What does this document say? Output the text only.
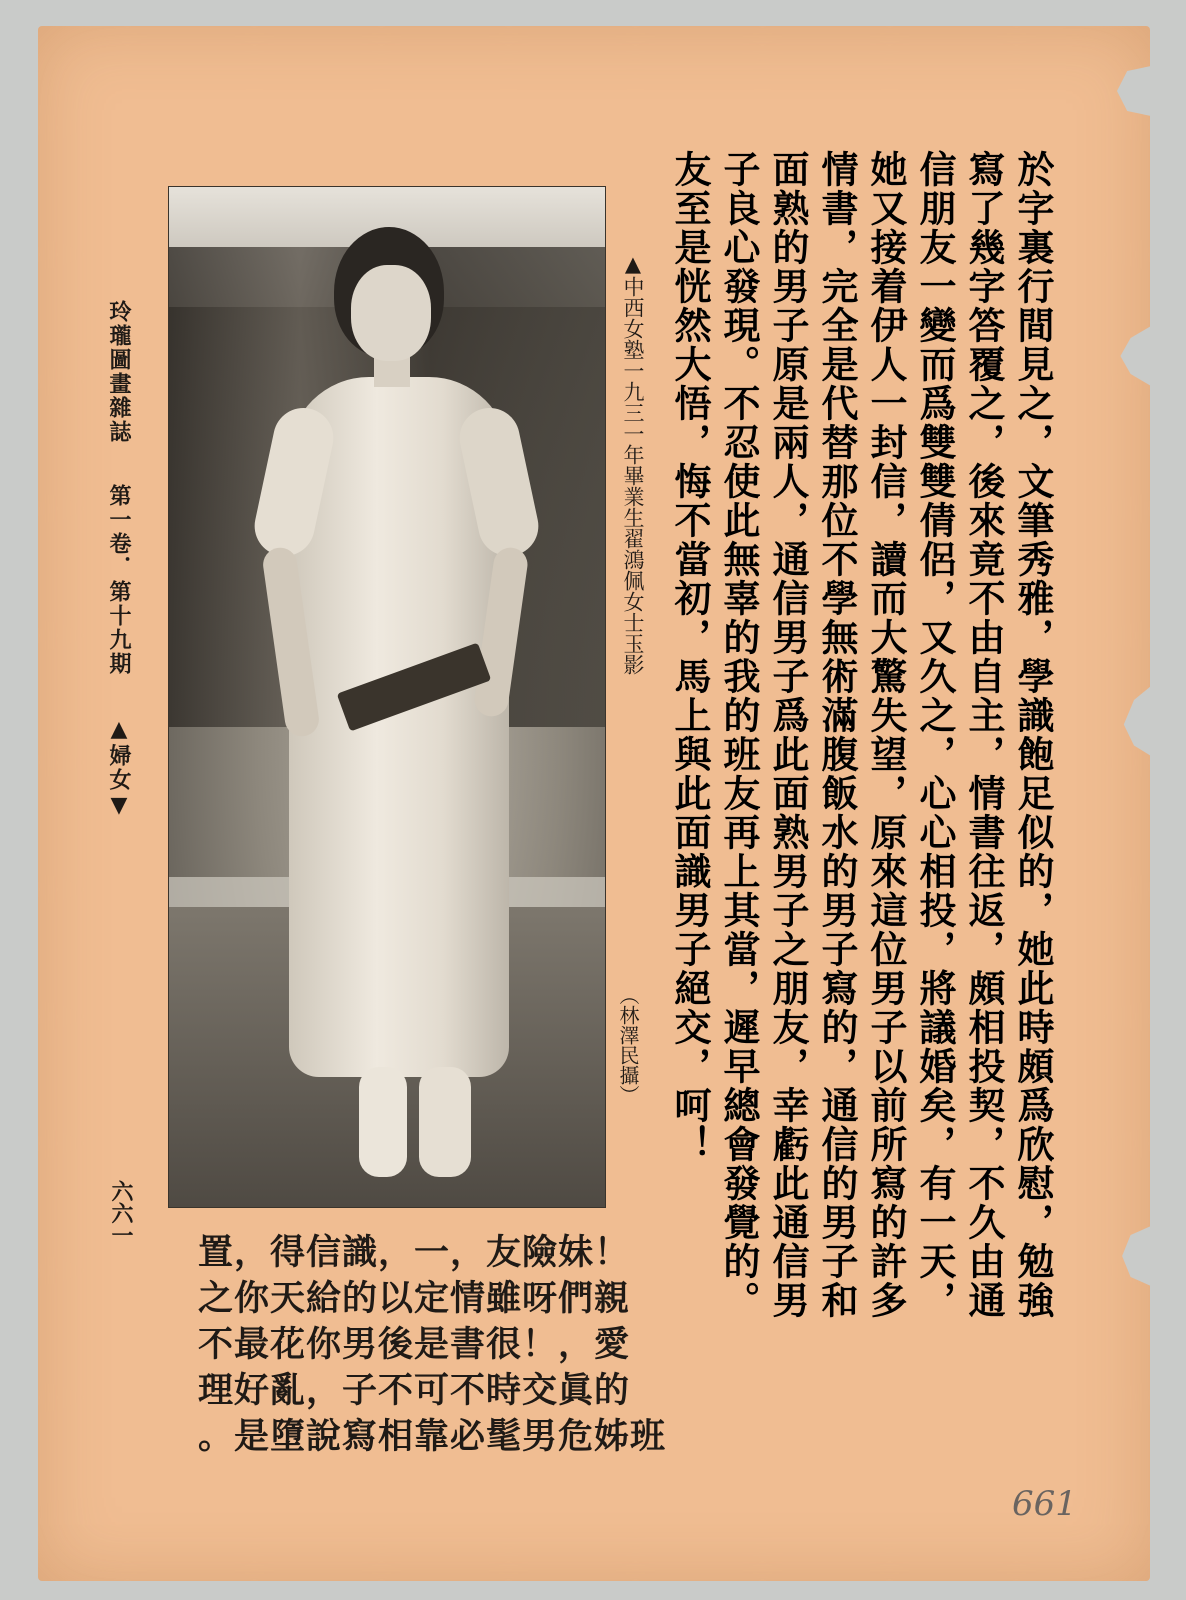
玲瓏圖畫雜誌
第一卷．第十九期
▲婦女▼
六六一
▲中西女塾一九三一年畢業生翟鴻佩女士玉影
（林澤民攝）	於字裏行間見之，文筆秀雅，學識飽足似的，她此時頗爲欣慰，勉強
寫了幾字答覆之，後來竟不由自主，情書往返，頗相投契，不久由通
信朋友一變而爲雙雙倩侶，又久之，心心相投，將議婚矣，有一天，
她又接着伊人一封信，讀而大驚失望，原來這位男子以前所寫的許多
情書，完全是代替那位不學無術滿腹飯水的男子寫的，通信的男子和
面熟的男子原是兩人，通信男子爲此面熟男子之朋友，幸虧此通信男
子良心發現。不忍使此無辜的我的班友再上其當，遲早總會發覺的。
友至是恍然大悟，悔不當初，馬上與此面識男子絕交，呵！
置，得信識，一，友險妹！
之你天給的以定情雖呀們親
不最花你男後是書很！，愛
理好亂，子不可不時交眞的
。是墮說寫相靠必髦男危姊班
661
